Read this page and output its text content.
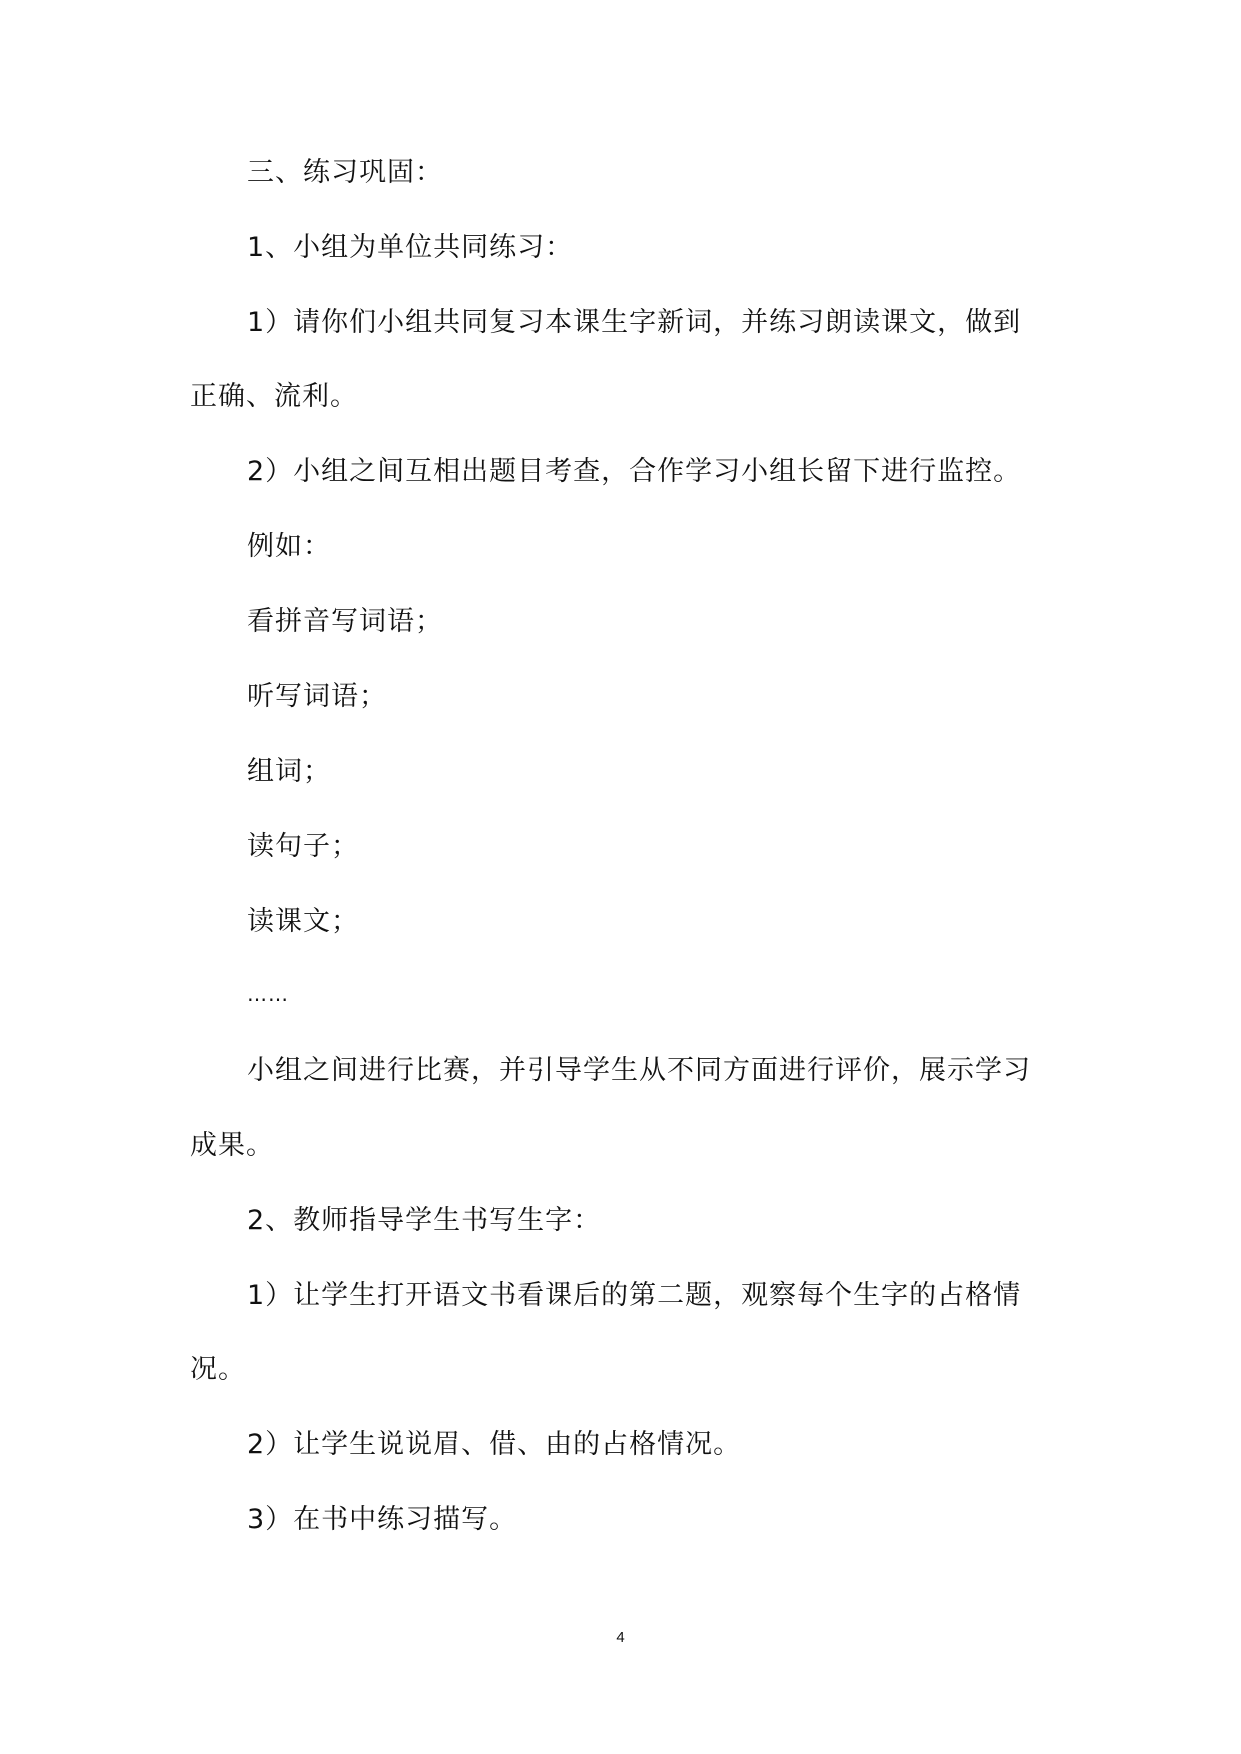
三、练习巩固：
1、小组为单位共同练习：
1）请你们小组共同复习本课生字新词，并练习朗读课文，做到
正确、流利。
2）小组之间互相出题目考查，合作学习小组长留下进行监控。
例如：
看拼音写词语；
听写词语；
组词；
读句子；
读课文；
……
小组之间进行比赛，并引导学生从不同方面进行评价，展示学习
成果。
2、教师指导学生书写生字：
1）让学生打开语文书看课后的第二题，观察每个生字的占格情
况。
2）让学生说说眉、借、由的占格情况。
3）在书中练习描写。
4
